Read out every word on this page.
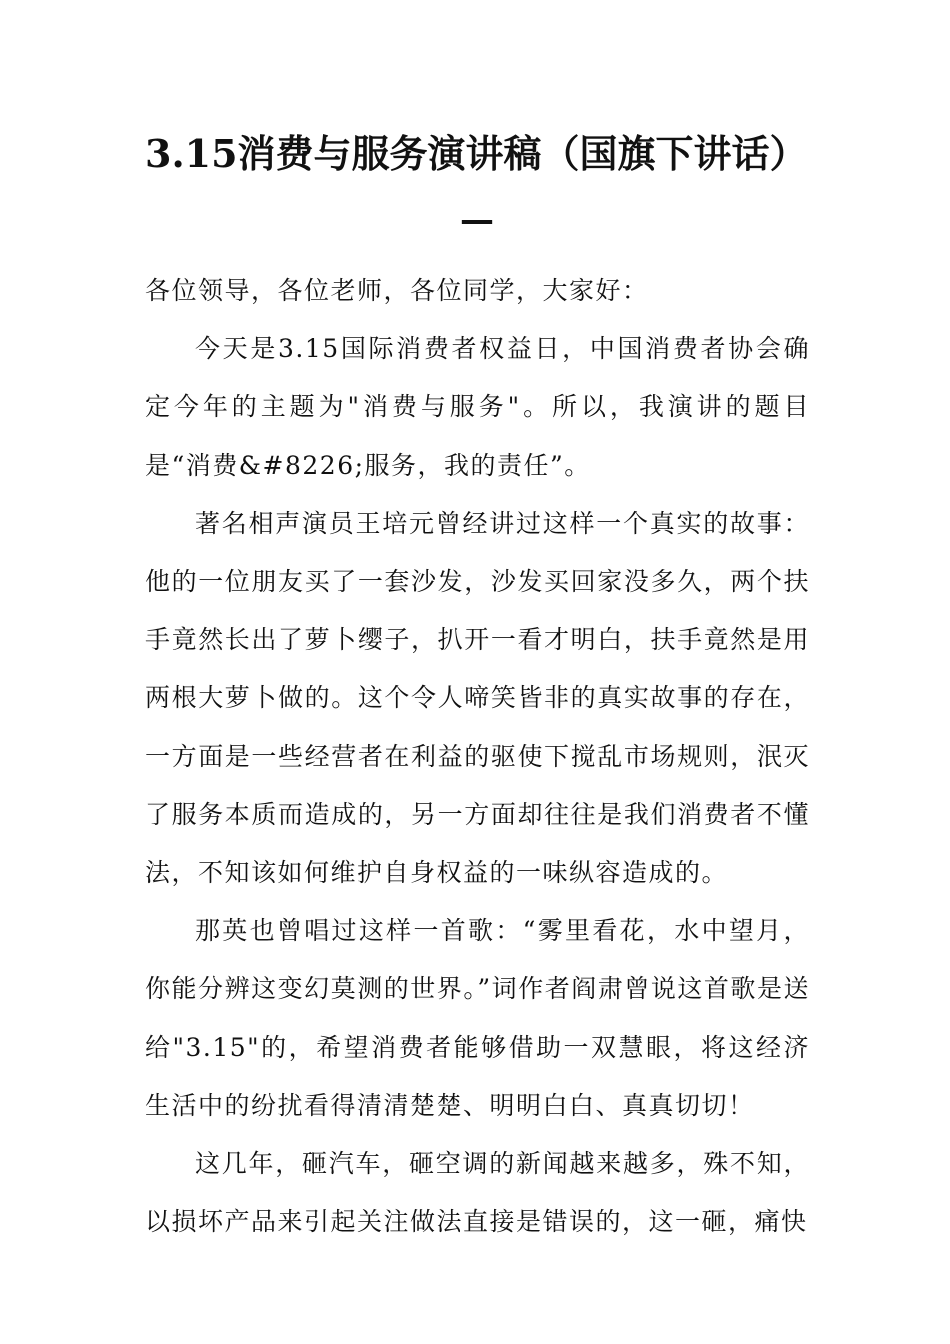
3.15消费与服务演讲稿（国旗下讲话）
—

各位领导，各位老师，各位同学，大家好：

今天是3.15国际消费者权益日，中国消费者协会确定今年的主题为"消费与服务"。所以，我演讲的题目是“消费&#8226;服务，我的责任”。

著名相声演员王培元曾经讲过这样一个真实的故事：他的一位朋友买了一套沙发，沙发买回家没多久，两个扶手竟然长出了萝卜缨子，扒开一看才明白，扶手竟然是用两根大萝卜做的。这个令人啼笑皆非的真实故事的存在，一方面是一些经营者在利益的驱使下搅乱市场规则，泯灭了服务本质而造成的，另一方面却往往是我们消费者不懂法，不知该如何维护自身权益的一味纵容造成的。

那英也曾唱过这样一首歌：“雾里看花，水中望月，你能分辨这变幻莫测的世界。”词作者阎肃曾说这首歌是送给"3.15"的，希望消费者能够借助一双慧眼，将这经济生活中的纷扰看得清清楚楚、明明白白、真真切切！

这几年，砸汽车，砸空调的新闻越来越多，殊不知，以损坏产品来引起关注做法直接是错误的，这一砸，痛快
